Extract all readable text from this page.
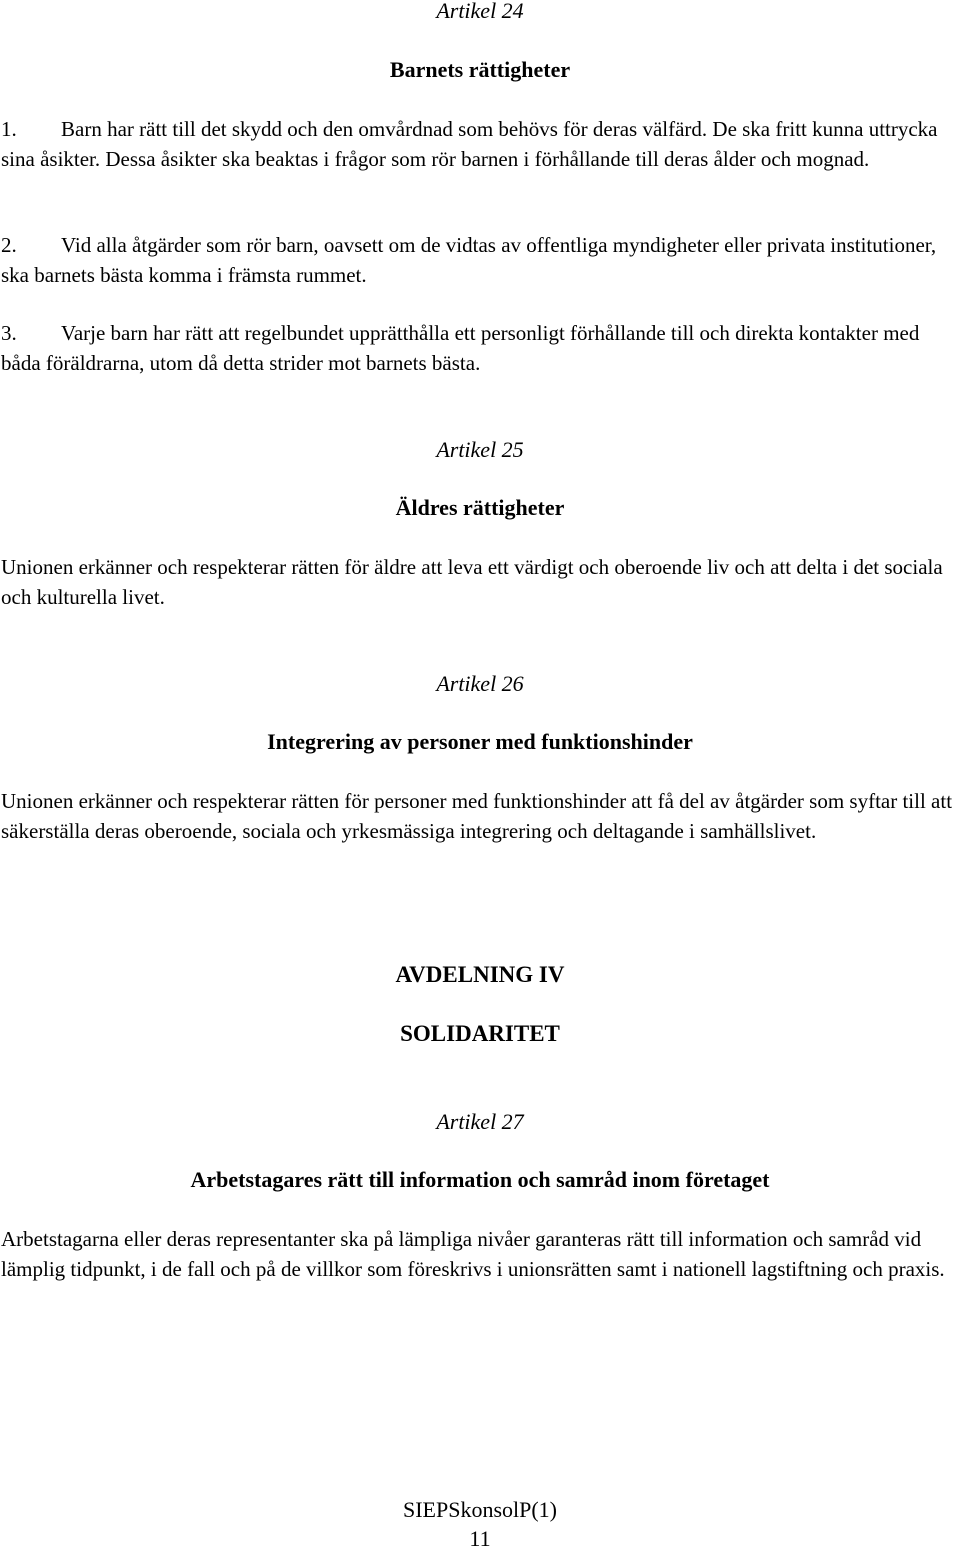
Artikel 24

Barnets rättigheter

1. Barn har rätt till det skydd och den omvårdnad som behövs för deras välfärd. De ska fritt kunna uttrycka sina åsikter. Dessa åsikter ska beaktas i frågor som rör barnen i förhållande till deras ålder och mognad.

2. Vid alla åtgärder som rör barn, oavsett om de vidtas av offentliga myndigheter eller privata institutioner, ska barnets bästa komma i främsta rummet.

3. Varje barn har rätt att regelbundet upprätthålla ett personligt förhållande till och direkta kontakter med båda föräldrarna, utom då detta strider mot barnets bästa.

Artikel 25

Äldres rättigheter

Unionen erkänner och respekterar rätten för äldre att leva ett värdigt och oberoende liv och att delta i det sociala och kulturella livet.

Artikel 26

Integrering av personer med funktionshinder

Unionen erkänner och respekterar rätten för personer med funktionshinder att få del av åtgärder som syftar till att säkerställa deras oberoende, sociala och yrkesmässiga integrering och deltagande i samhällslivet.

AVDELNING IV

SOLIDARITET

Artikel 27

Arbetstagares rätt till information och samråd inom företaget

Arbetstagarna eller deras representanter ska på lämpliga nivåer garanteras rätt till information och samråd vid lämplig tidpunkt, i de fall och på de villkor som föreskrivs i unionsrätten samt i nationell lagstiftning och praxis.

SIEPSkonsolP(1)

11
